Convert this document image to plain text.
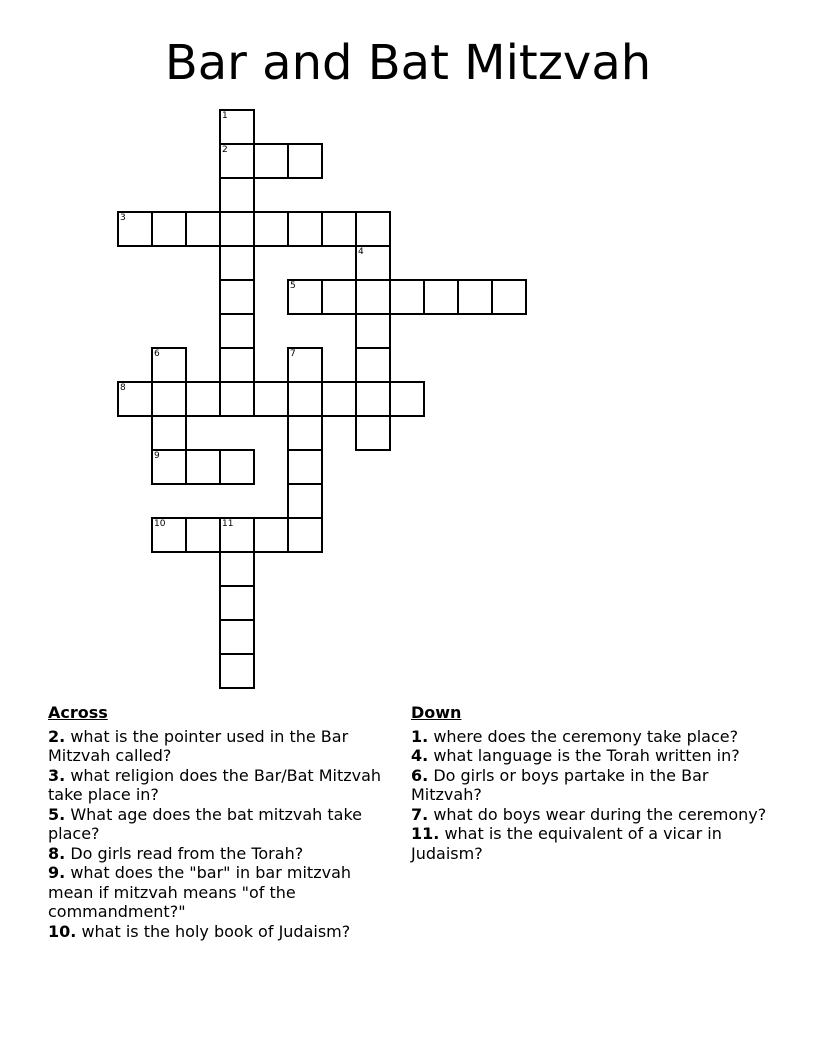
Bar and Bat Mitzvah
1
2
3
4
5
6	7
8
9
10	11
Across
2. what is the pointer used in the Bar Mitzvah called?
3. what religion does the Bar/Bat Mitzvah take place in?
5. What age does the bat mitzvah take place?
8. Do girls read from the Torah?
9. what does the "bar" in bar mitzvah mean if mitzvah means "of the commandment?"
10. what is the holy book of Judaism?
Down
1. where does the ceremony take place?
4. what language is the Torah written in?
6. Do girls or boys partake in the Bar Mitzvah?
7. what do boys wear during the ceremony?
11. what is the equivalent of a vicar in Judaism?
